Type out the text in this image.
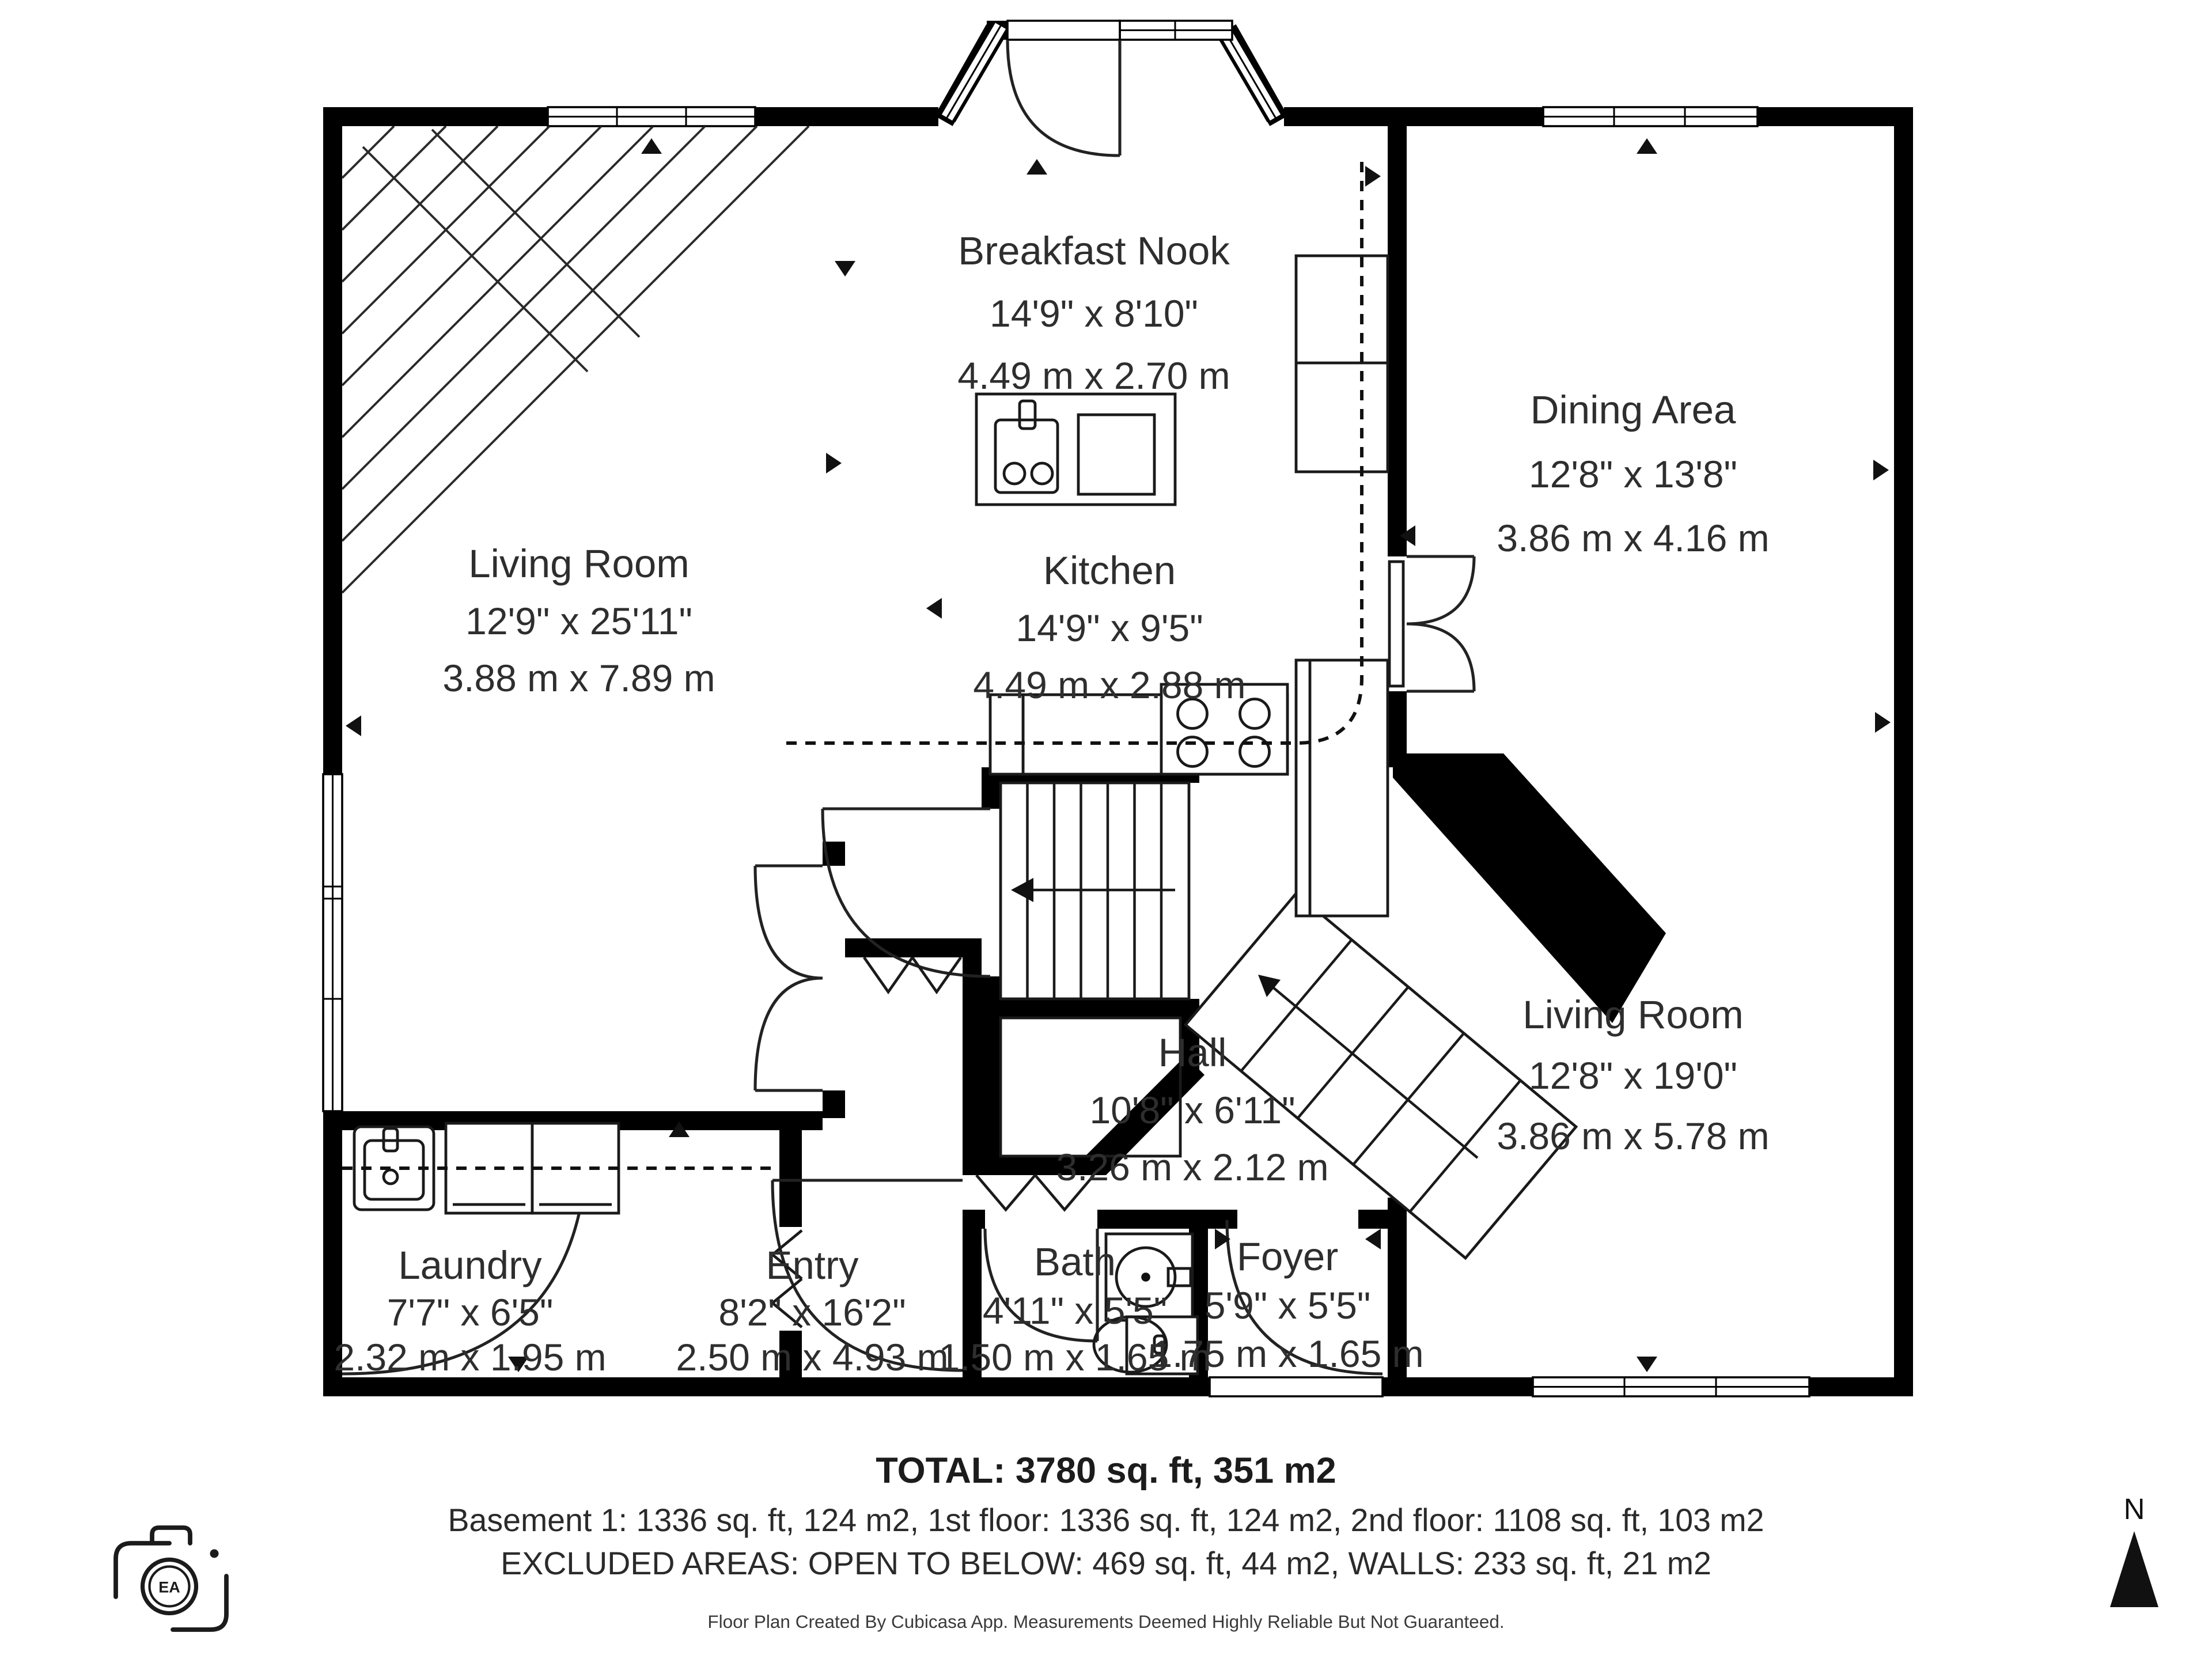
Breakfast Nook
14'9" x 8'10"
4.49 m x 2.70 m
Dining Area
12'8" x 13'8"
3.86 m x 4.16 m
Living Room
12'9" x 25'11"
3.88 m x 7.89 m
Kitchen
14'9" x 9'5"
4.49 m x 2.88 m
Living Room
12'8" x 19'0"
3.86 m x 5.78 m
Hall
10'8" x 6'11"
3.26 m x 2.12 m
Laundry
7'7" x 6'5"
2.32 m x 1.95 m
Entry
8'2" x 16'2"
2.50 m x 4.93 m
Bath
4'11" x 5'5"
1.50 m x 1.65 m
Foyer
5'9" x 5'5"
1.75 m x 1.65 m
TOTAL: 3780 sq. ft, 351 m2
Basement 1: 1336 sq. ft, 124 m2, 1st floor: 1336 sq. ft, 124 m2, 2nd floor: 1108 sq. ft, 103 m2
EXCLUDED AREAS: OPEN TO BELOW: 469 sq. ft, 44 m2, WALLS: 233 sq. ft, 21 m2
Floor Plan Created By Cubicasa App. Measurements Deemed Highly Reliable But Not Guaranteed.
EA
N
